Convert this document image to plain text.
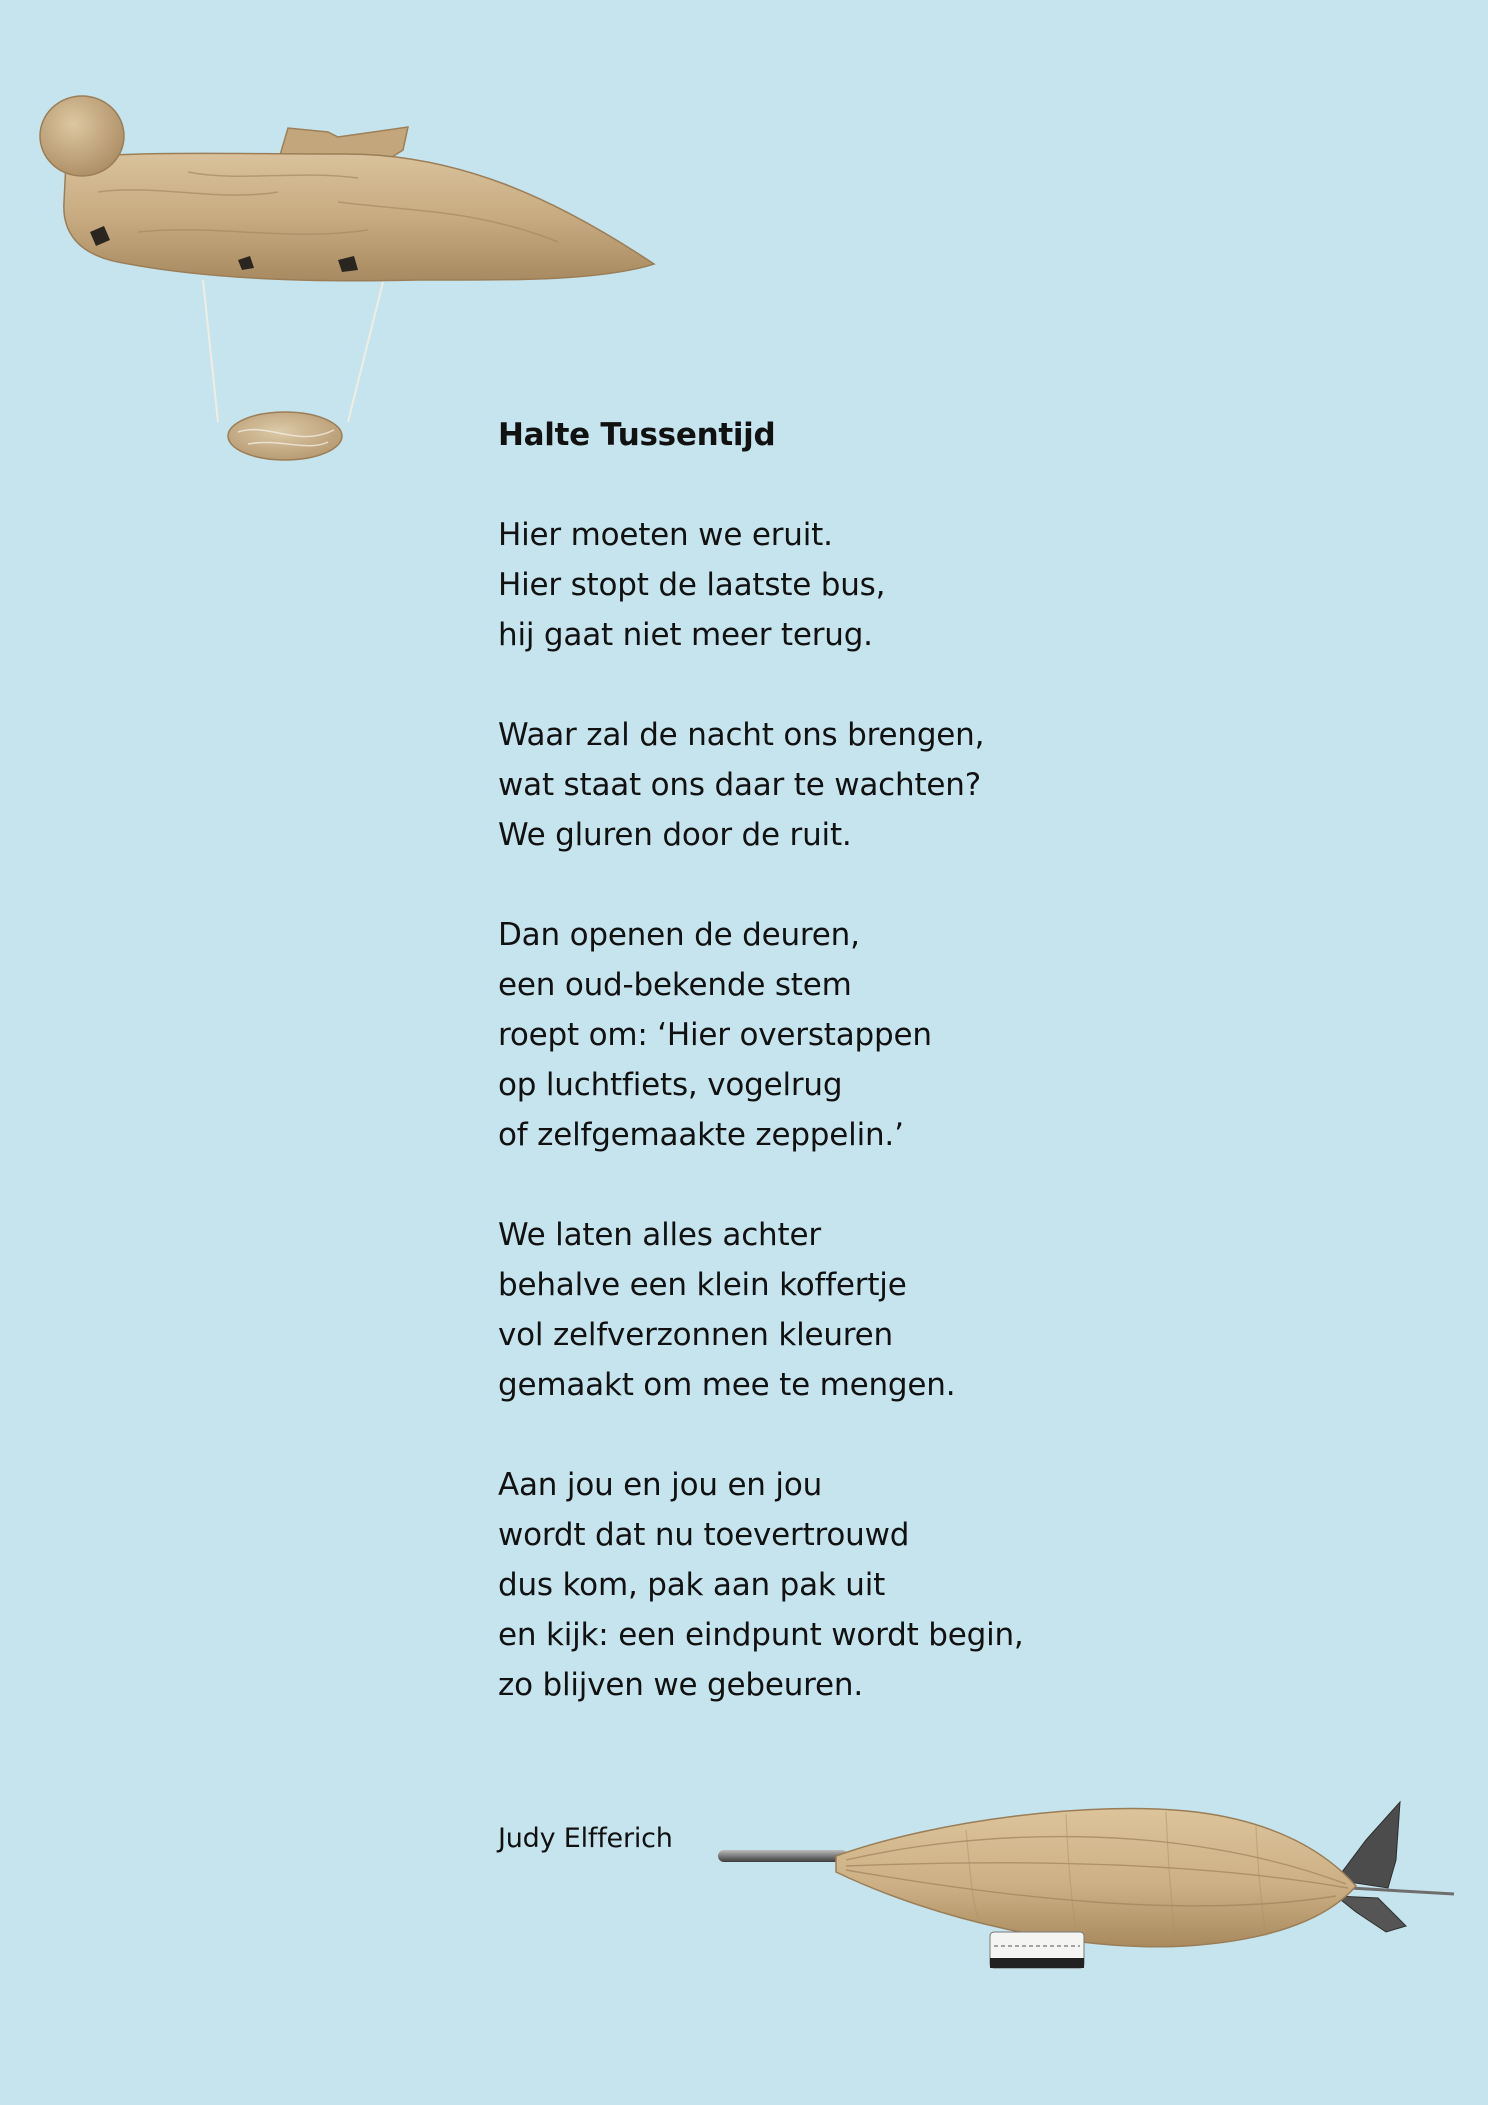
Halte Tussentijd
Hier moeten we eruit.
Hier stopt de laatste bus,
hij gaat niet meer terug.
Waar zal de nacht ons brengen,
wat staat ons daar te wachten?
We gluren door de ruit.
Dan openen de deuren,
een oud-bekende stem
roept om: ‘Hier overstappen
op luchtfiets, vogelrug
of zelfgemaakte zeppelin.’
We laten alles achter
behalve een klein koffertje
vol zelfverzonnen kleuren
gemaakt om mee te mengen.
Aan jou en jou en jou
wordt dat nu toevertrouwd
dus kom, pak aan pak uit
en kijk: een eindpunt wordt begin,
zo blijven we gebeuren.
Judy Elfferich
